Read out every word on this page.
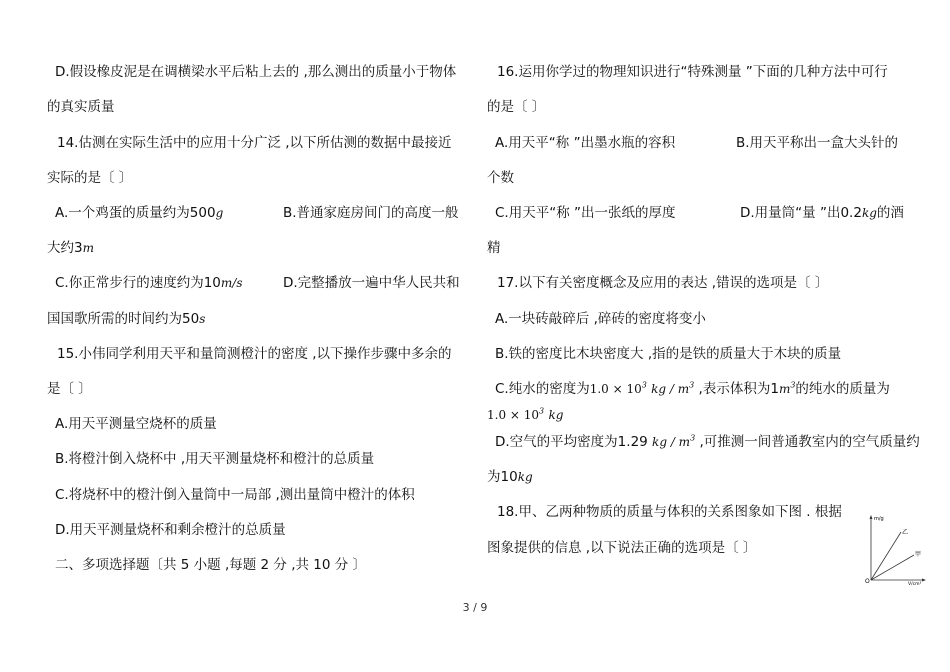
D.假设橡皮泥是在调横梁水平后粘上去的 ,那么测出的质量小于物体
的真实质量
14.估测在实际生活中的应用十分广泛 ,以下所估测的数据中最接近
实际的是〔 〕
A.一个鸡蛋的质量约为500g	B.普通家庭房间门的高度一般
大约3m
C.你正常步行的速度约为10m/s	D.完整播放一遍中华人民共和
国国歌所需的时间约为50s
15.小伟同学利用天平和量筒测橙汁的密度 ,以下操作步骤中多余的
是〔 〕
A.用天平测量空烧杯的质量
B.将橙汁倒入烧杯中 ,用天平测量烧杯和橙汁的总质量
C.将烧杯中的橙汁倒入量筒中一局部 ,测出量筒中橙汁的体积
D.用天平测量烧杯和剩余橙汁的总质量
二、多项选择题〔共 5 小题 ,每题 2 分 ,共 10 分 〕
16.运用你学过的物理知识进行“特殊测量 ”下面的几种方法中可行
的是〔 〕
A.用天平“称 ”出墨水瓶的容积	B.用天平称出一盒大头针的
个数
C.用天平“称 ”出一张纸的厚度	D.用量筒“量 ”出0.2kg的酒
精
17.以下有关密度概念及应用的表达 ,错误的选项是〔 〕
A.一块砖敲碎后 ,碎砖的密度将变小
B.铁的密度比木块密度大 ,指的是铁的质量大于木块的质量
C.纯水的密度为$1.0 \times 10^3$ kg / $m^3$ ,表示体积为$1m^3$的纯水的质量为
$1.0 \times 10^3$ kg
D.空气的平均密度为1.29 kg / $m^3$ ,可推测一间普通教室内的空气质量约
为10kg
18.甲、乙两种物质的质量与体积的关系图象如下图 . 根据
图象提供的信息 ,以下说法正确的选项是〔 〕
m/g
V/cm³
O
乙
甲
3 / 9
